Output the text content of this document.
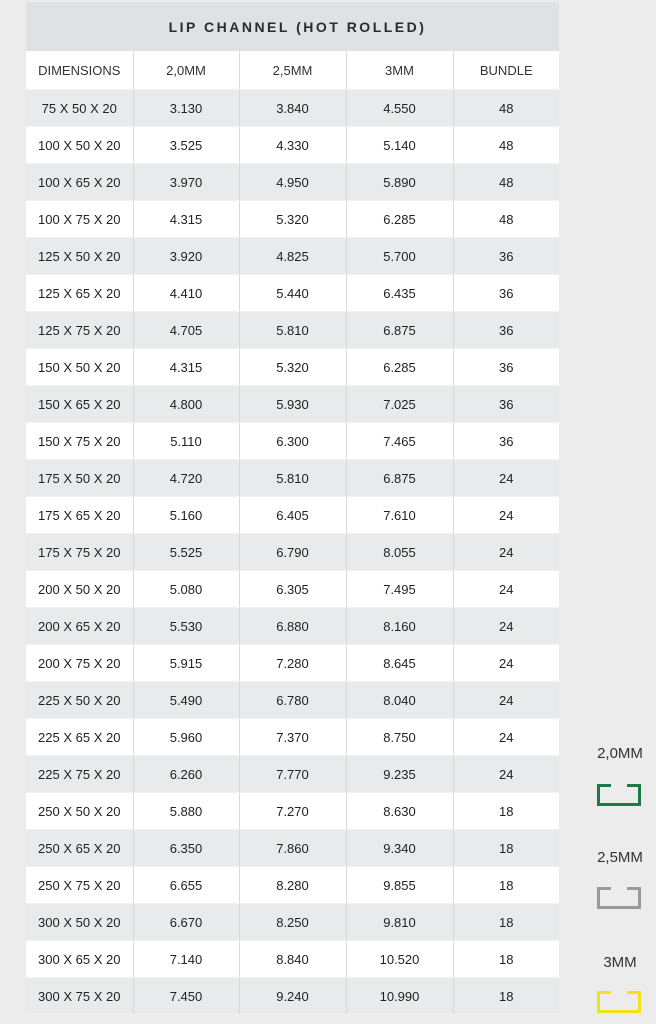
LIP CHANNEL (HOT ROLLED)
DIMENSIONS	2,0MM	2,5MM	3MM	BUNDLE
75 X 50 X 20	3.130	3.840	4.550	48
100 X 50 X 20	3.525	4.330	5.140	48
100 X 65 X 20	3.970	4.950	5.890	48
100 X 75 X 20	4.315	5.320	6.285	48
125 X 50 X 20	3.920	4.825	5.700	36
125 X 65 X 20	4.410	5.440	6.435	36
125 X 75 X 20	4.705	5.810	6.875	36
150 X 50 X 20	4.315	5.320	6.285	36
150 X 65 X 20	4.800	5.930	7.025	36
150 X 75 X 20	5.110	6.300	7.465	36
175 X 50 X 20	4.720	5.810	6.875	24
175 X 65 X 20	5.160	6.405	7.610	24
175 X 75 X 20	5.525	6.790	8.055	24
200 X 50 X 20	5.080	6.305	7.495	24
200 X 65 X 20	5.530	6.880	8.160	24
200 X 75 X 20	5.915	7.280	8.645	24
225 X 50 X 20	5.490	6.780	8.040	24
225 X 65 X 20	5.960	7.370	8.750	24
225 X 75 X 20	6.260	7.770	9.235	24
250 X 50 X 20	5.880	7.270	8.630	18
250 X 65 X 20	6.350	7.860	9.340	18
250 X 75 X 20	6.655	8.280	9.855	18
300 X 50 X 20	6.670	8.250	9.810	18
300 X 65 X 20	7.140	8.840	10.520	18
300 X 75 X 20	7.450	9.240	10.990	18
2,0MM
2,5MM
3MM
